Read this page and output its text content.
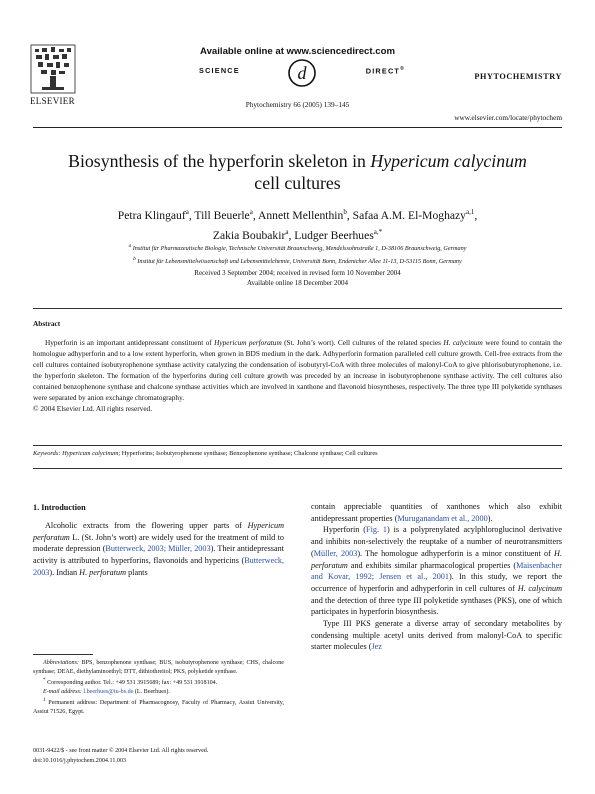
Available online at www.sciencedirect.com
SCIENCE	d	DIRECT®
PHYTOCHEMISTRY
ELSEVIER	Phytochemistry 66 (2005) 139–145
www.elsevier.com/locate/phytochem
Biosynthesis of the hyperforin skeleton in Hypericum calycinum
cell cultures
Petra Klingauf$^a$, Till Beuerle$^a$, Annett Mellenthin$^b$, Safaa A.M. El-Moghazy$^{a,1}$,
Zakia Boubakir$^a$, Ludger Beerhues$^{a,*}$
$^a$ Institut für Pharmazeutische Biologie, Technische Universität Braunschweig, Mendelssohnstraße 1, D-38106 Braunschweig, Germany
$^b$ Institut für Lebensmittelwissenschaft und Lebensmittelchemie, Universität Bonn, Endenicher Allee 11-13, D-53115 Bonn, Germany
Received 3 September 2004; received in revised form 10 November 2004
Available online 18 December 2004
Abstract

Hyperforin is an important antidepressant constituent of Hypericum perforatum (St. John’s wort). Cell cultures of the related species H. calycinum were found to contain the homologue adhyperforin and to a low extent hyperforin, when grown in BDS medium in the dark. Adhyperforin formation paralleled cell culture growth. Cell-free extracts from the cell cultures contained isobutyrophenone synthase activity catalyzing the condensation of isobutyryl-CoA with three molecules of malonyl-CoA to give phlorisobutyrophenone, i.e. the hyperforin skeleton. The formation of the hyperforins during cell culture growth was preceded by an increase in isobutyrophenone synthase activity. The cell cultures also contained benzophenone synthase and chalcone synthase activities which are involved in xanthone and flavonoid biosyntheses, respectively. The three type III polyketide synthases were separated by anion exchange chromatography.

© 2004 Elsevier Ltd. All rights reserved.

Keywords: Hypericum calycinum; Hyperforins; Isobutyrophenone synthase; Benzophenone synthase; Chalcone synthase; Cell cultures
1. Introduction

Alcoholic extracts from the flowering upper parts of Hypericum perforatum L. (St. John’s wort) are widely used for the treatment of mild to moderate depression (Butterweck, 2003; Müller, 2003). Their antidepressant activity is attributed to hyperforins, flavonoids and hypericins (Butterweck, 2003). Indian H. perforatum plants

contain appreciable quantities of xanthones which also exhibit antidepressant properties (Muruganandam et al., 2000).

Hyperforin (Fig. 1) is a polyprenylated acylphloroglucinol derivative and inhibits non-selectively the reuptake of a number of neurotransmitters (Müller, 2003). The homologue adhyperforin is a minor constituent of H. perforatum and exhibits similar pharmacological properties (Maisenbacher and Kovar, 1992; Jensen et al., 2001). In this study, we report the occurrence of hyperforin and adhyperforin in cell cultures of H. calycinum and the detection of three type III polyketide synthases (PKS), one of which participates in hyperforin biosynthesis.

Type III PKS generate a diverse array of secondary metabolites by condensing multiple acetyl units derived from malonyl-CoA to specific starter molecules (Jez

Abbreviations: BPS, benzophenone synthase; BUS, isobutyrophenone synthase; CHS, chalcone synthase; DEAE, diethylaminoethyl; DTT, dithiothreitol; PKS, polyketide synthase.

* Corresponding author. Tel.: +49 531 3915689; fax: +49 531 3918104.

E-mail address: l.beerhues@tu-bs.de (L. Beerhues).

$^1$ Permanent address: Department of Pharmacognosy, Faculty of Pharmacy, Assiut University, Assiut 71526, Egypt.

0031-9422/$ - see front matter © 2004 Elsevier Ltd. All rights reserved.
doi:10.1016/j.phytochem.2004.11.003
